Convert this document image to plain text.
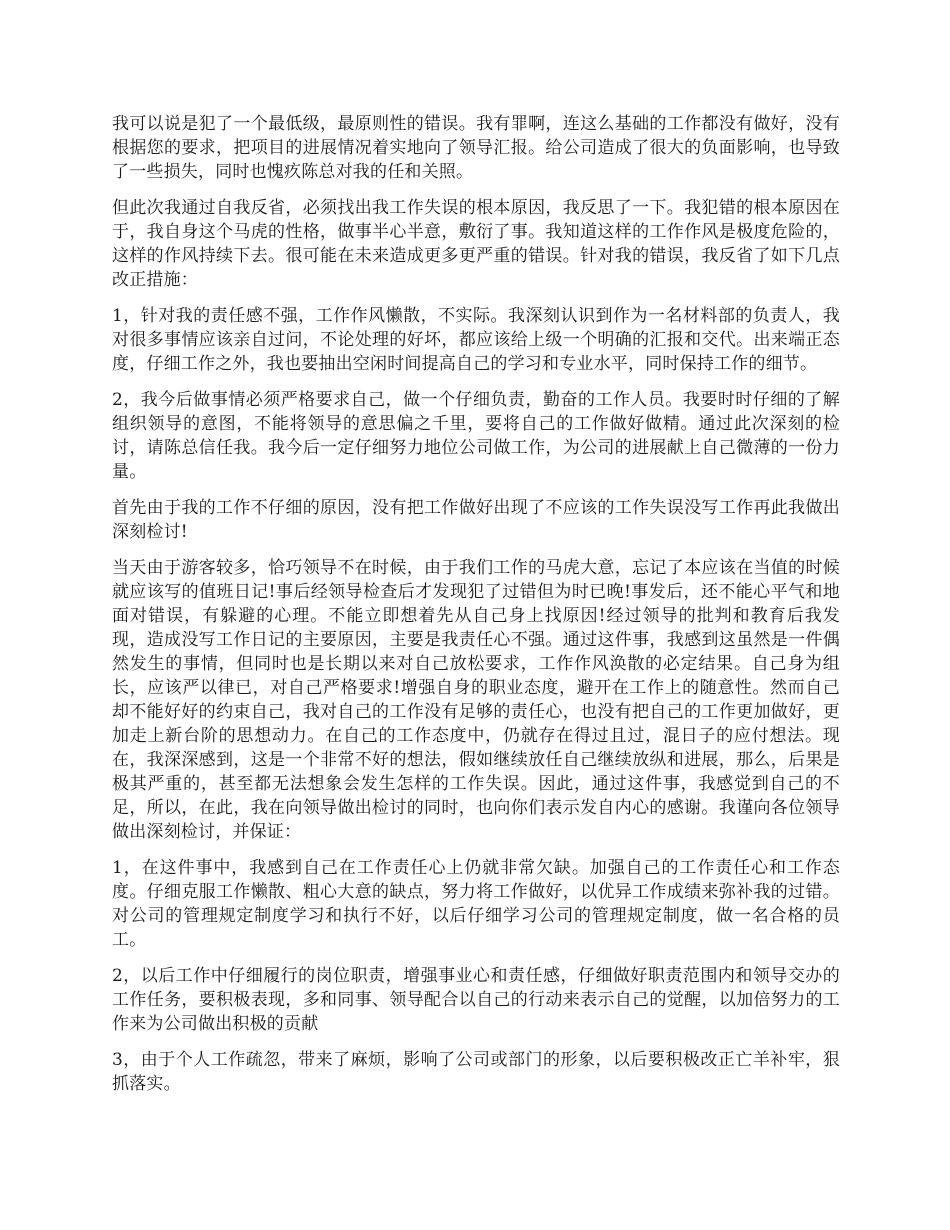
我可以说是犯了一个最低级，最原则性的错误。我有罪啊，连这么基础的工作都没有做好，没有根据您的要求，把项目的进展情况着实地向了领导汇报。给公司造成了很大的负面影响，也导致了一些损失，同时也愧疚陈总对我的任和关照。

但此次我通过自我反省，必须找出我工作失误的根本原因，我反思了一下。我犯错的根本原因在于，我自身这个马虎的性格，做事半心半意，敷衍了事。我知道这样的工作作风是极度危险的，这样的作风持续下去。很可能在未来造成更多更严重的错误。针对我的错误，我反省了如下几点改正措施：

1，针对我的责任感不强，工作作风懒散，不实际。我深刻认识到作为一名材料部的负责人，我对很多事情应该亲自过问，不论处理的好坏，都应该给上级一个明确的汇报和交代。出来端正态度，仔细工作之外，我也要抽出空闲时间提高自己的学习和专业水平，同时保持工作的细节。

2，我今后做事情必须严格要求自己，做一个仔细负责，勤奋的工作人员。我要时时仔细的了解组织领导的意图，不能将领导的意思偏之千里，要将自己的工作做好做精。通过此次深刻的检讨，请陈总信任我。我今后一定仔细努力地位公司做工作，为公司的进展献上自己微薄的一份力量。

首先由于我的工作不仔细的原因，没有把工作做好出现了不应该的工作失误没写工作再此我做出深刻检讨!

当天由于游客较多，恰巧领导不在时候，由于我们工作的马虎大意，忘记了本应该在当值的时候就应该写的值班日记!事后经领导检查后才发现犯了过错但为时已晚!事发后，还不能心平气和地面对错误，有躲避的心理。不能立即想着先从自己身上找原因!经过领导的批判和教育后我发现，造成没写工作日记的主要原因，主要是我责任心不强。通过这件事，我感到这虽然是一件偶然发生的事情，但同时也是长期以来对自己放松要求，工作作风涣散的必定结果。自己身为组长，应该严以律已，对自己严格要求!增强自身的职业态度，避开在工作上的随意性。然而自己却不能好好的约束自己，我对自己的工作没有足够的责任心，也没有把自己的工作更加做好，更加走上新台阶的思想动力。在自己的工作态度中，仍就存在得过且过，混日子的应付想法。现在，我深深感到，这是一个非常不好的想法，假如继续放任自己继续放纵和进展，那么，后果是极其严重的，甚至都无法想象会发生怎样的工作失误。因此，通过这件事，我感觉到自己的不足，所以，在此，我在向领导做出检讨的同时，也向你们表示发自内心的感谢。我谨向各位领导做出深刻检讨，并保证：

1，在这件事中，我感到自己在工作责任心上仍就非常欠缺。加强自己的工作责任心和工作态度。仔细克服工作懒散、粗心大意的缺点，努力将工作做好，以优异工作成绩来弥补我的过错。对公司的管理规定制度学习和执行不好，以后仔细学习公司的管理规定制度，做一名合格的员工。

2，以后工作中仔细履行的岗位职责，增强事业心和责任感，仔细做好职责范围内和领导交办的工作任务，要积极表现，多和同事、领导配合以自己的行动来表示自己的觉醒，以加倍努力的工作来为公司做出积极的贡献

3，由于个人工作疏忽，带来了麻烦，影响了公司或部门的形象，以后要积极改正亡羊补牢，狠抓落实。
